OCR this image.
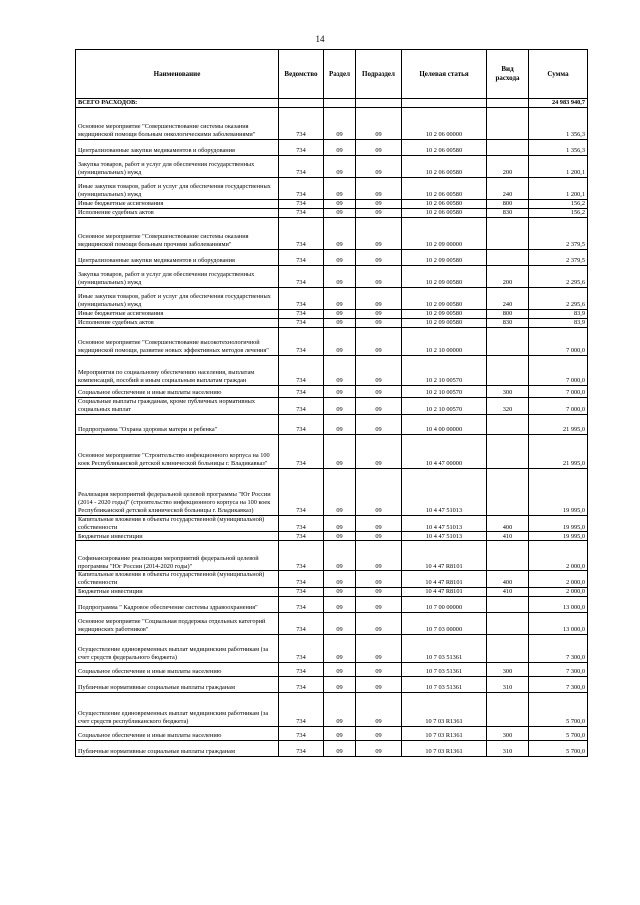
14
Наименование	Ведомство	Раздел	Подраздел	Целевая статья	Вид расхода	Сумма
ВСЕГО РАСХОДОВ:						24 983 940,7
Основное мероприятие "Совершенствование системы оказания медицинской помощи больным онкологическими заболеваниями"	734	09	09	10 2 06 00000		1 356,3
Централизованные закупки медикаментов и оборудования	734	09	09	10 2 06 00580		1 356,3
Закупка товаров, работ и услуг для обеспечения государственных (муниципальных) нужд	734	09	09	10 2 06 00580	200	1 200,1
Иные закупки товаров, работ и услуг для обеспечения государственных (муниципальных) нужд	734	09	09	10 2 06 00580	240	1 200,1
Иные бюджетные ассигнования	734	09	09	10 2 06 00580	800	156,2
Исполнение судебных актов	734	09	09	10 2 06 00580	830	156,2
Основное мероприятие "Совершенствование системы оказания медицинской помощи больным прочими заболеваниями"	734	09	09	10 2 09 00000		2 379,5
Централизованные закупки медикаментов и оборудования	734	09	09	10 2 09 00580		2 379,5
Закупка товаров, работ и услуг для обеспечения государственных (муниципальных) нужд	734	09	09	10 2 09 00580	200	2 295,6
Иные закупки товаров, работ и услуг для обеспечения государственных (муниципальных) нужд	734	09	09	10 2 09 00580	240	2 295,6
Иные бюджетные ассигнования	734	09	09	10 2 09 00580	800	83,9
Исполнение судебных актов	734	09	09	10 2 09 00580	830	83,9
Основное мероприятие "Совершенствование высокотехнологичной медицинской помощи, развитие новых эффективных методов лечения"	734	09	09	10 2 10 00000		7 000,0
Мероприятия по социальному обеспечению населения, выплатам компенсаций, пособий и иным социальным выплатам граждан	734	09	09	10 2 10 00570		7 000,0
Социальное обеспечение и иные выплаты населению	734	09	09	10 2 10 00570	300	7 000,0
Социальные выплаты гражданам, кроме публичных нормативных социальных выплат	734	09	09	10 2 10 00570	320	7 000,0
Подпрограмма "Охрана здоровья матери и ребенка"	734	09	09	10 4 00 00000		21 995,0
Основное мероприятие "Строительство инфекционного корпуса на 100 коек Республиканской детской клинической больницы г. Владикавказ"	734	09	09	10 4 47 00000		21 995,0
Реализация мероприятий федеральной целевой программы "Юг России (2014 - 2020 годы)" (строительство инфекционного корпуса на 100 коек Республиканской детской клинической больницы г. Владикавказ)	734	09	09	10 4 47 51013		19 995,0
Капитальные вложения в объекты государственной (муниципальной) собственности	734	09	09	10 4 47 51013	400	19 995,0
Бюджетные инвестиции	734	09	09	10 4 47 51013	410	19 995,0
Софинансирование реализации мероприятий федеральной целевой программы "Юг России (2014-2020 годы)"	734	09	09	10 4 47 R8101		2 000,0
Капитальные вложения в объекты государственной (муниципальной) собственности	734	09	09	10 4 47 R8101	400	2 000,0
Бюджетные инвестиции	734	09	09	10 4 47 R8101	410	2 000,0
Подпрограмма " Кадровое обеспечение системы здравоохранения"	734	09	09	10 7 00 00000		13 000,0
Основное мероприятие "Социальная поддержка отдельных категорий медицинских работников"	734	09	09	10 7 03 00000		13 000,0
Осуществление единовременных выплат медицинским работникам (за счет средств федерального бюджета)	734	09	09	10 7 03 51361		7 300,0
Социальное обеспечение и иные выплаты населению	734	09	09	10 7 03 51361	300	7 300,0
Публичные нормативные социальные выплаты гражданам	734	09	09	10 7 03 51361	310	7 300,0
Осуществление единовременных выплат медицинским работникам (за счет средств республиканского бюджета)	734	09	09	10 7 03 R1361		5 700,0
Социальное обеспечение и иные выплаты населению	734	09	09	10 7 03 R1361	300	5 700,0
Публичные нормативные социальные выплаты гражданам	734	09	09	10 7 03 R1361	310	5 700,0
